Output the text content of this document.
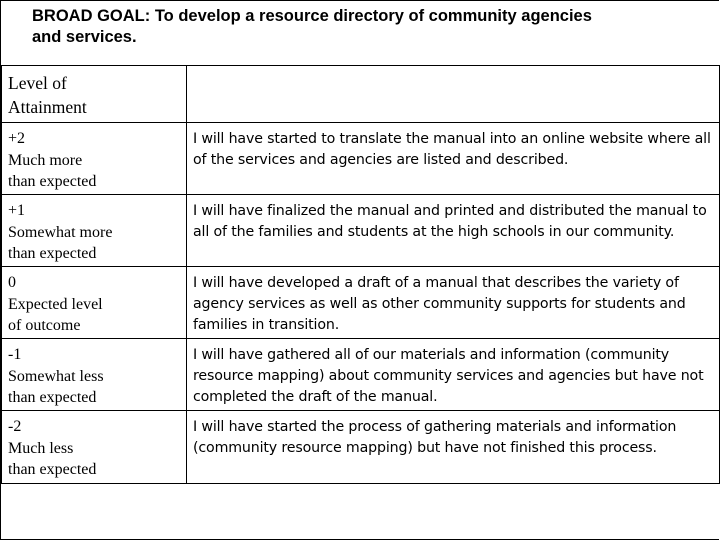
BROAD GOAL: To develop a resource directory of community agencies
and services.
Level of
Attainment	

+2
Much more
than expected	I will have started to translate the manual into an online website where all of the services and agencies are listed and described.

+1
Somewhat more
than expected	I will have finalized the manual and printed and distributed the manual to all of the families and students at the high schools in our community.

0
Expected level
of outcome	I will have developed a draft of a manual that describes the variety of agency services as well as other community supports for students and families in transition.

-1
Somewhat less
than expected	I will have gathered all of our materials and information (community resource mapping) about community services and agencies but have not completed the draft of the manual.

-2
Much less
than expected	I will have started the process of gathering materials and information (community resource mapping) but have not finished this process.
